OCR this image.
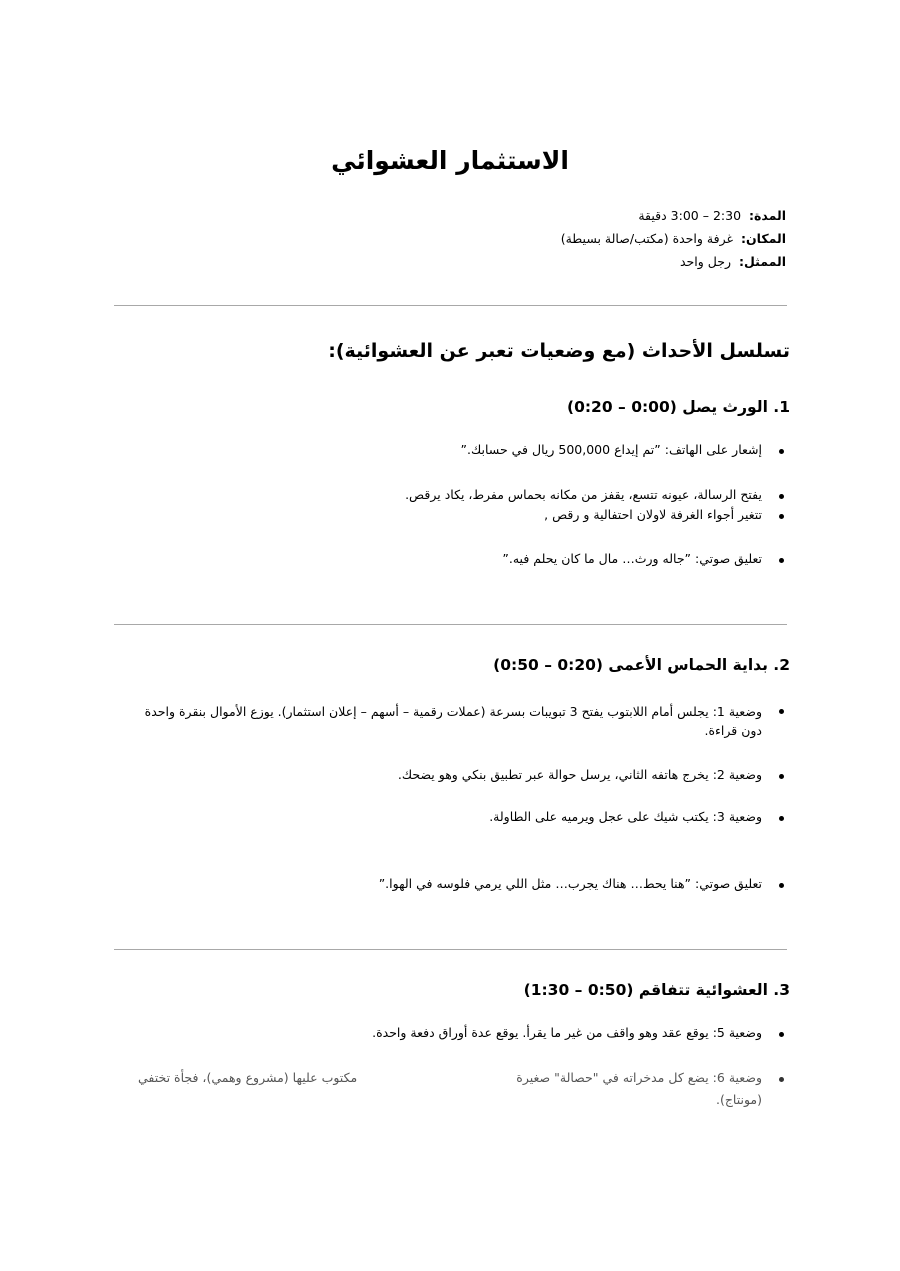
الاستثمار العشوائي
المدة:2:30 – 3:00 دقيقة
المكان:غرفة واحدة (مكتب/صالة بسيطة)
الممثل:رجل واحد
تسلسل الأحداث (مع وضعيات تعبر عن العشوائية):
1. الورث يصل (0:00 – 0:20)
إشعار على الهاتف: ”تم إيداع 500,000 ريال في حسابك.”
يفتح الرسالة، عيونه تتسع، يقفز من مكانه بحماس مفرط، يكاد يرقص.
تتغير أجواء الغرفة لاولان احتفالية و رقص ,
تعليق صوتي: ”جاله ورث… مال ما كان يحلم فيه.”
2. بداية الحماس الأعمى (0:20 – 0:50)
وضعية 1: يجلس أمام اللابتوب يفتح 3 تبويبات بسرعة (عملات رقمية – أسهم – إعلان استثمار). يوزع الأموال بنقرة واحدة دون قراءة.
وضعية 2: يخرج هاتفه الثاني، يرسل حوالة عبر تطبيق بنكي وهو يضحك.
وضعية 3: يكتب شيك على عجل ويرميه على الطاولة.
تعليق صوتي: ”هنا يحط… هناك يجرب… مثل اللي يرمي فلوسه في الهوا.”
3. العشوائية تتفاقم (0:50 – 1:30)
وضعية 5: يوقع عقد وهو واقف من غير ما يقرأ. يوقع عدة أوراق دفعة واحدة.
وضعية 6: يضع كل مدخراته في "حصالة" صغيرة
مكتوب عليها (مشروع وهمي)، فجأة تختفي
(مونتاج).
